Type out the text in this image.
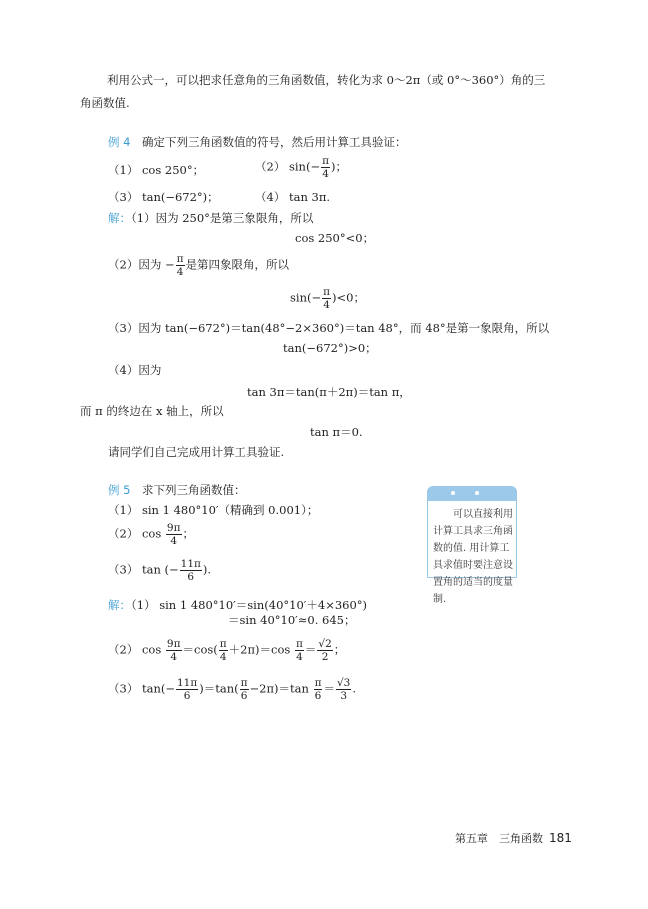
利用公式一，可以把求任意角的三角函数值，转化为求 0～2π（或 0°～360°）角的三
角函数值.
例 4　 确定下列三角函数值的符号，然后用计算工具验证：
（1） cos 250°；	（2） $\sin(- \frac{\pi}{4}$ )；
（3） tan(−672°)；	（4） tan 3π.
解：（1）因为 250°是第三象限角，所以
cos 250°<0；
（2）因为 − $\frac{\pi}{4}$ 是第四象限角，所以
$\sin(- \frac{\pi}{4} )<0$；
（3）因为 tan(−672°)＝tan(48°−2×360°)＝tan 48°，而 48°是第一象限角，所以
tan(−672°)>0；
（4）因为
tan 3π＝tan(π＋2π)＝tan π，
而 π 的终边在 x 轴上，所以
tan π＝0.
请同学们自己完成用计算工具验证.
例 5　 求下列三角函数值：
（1） sin 1 480°10′（精确到 0.001）；
（2） $\cos \frac{9\pi}{4}$ ；
（3） tan (− $\frac{11\pi}{6}$ ).
解：（1） sin 1 480°10′＝sin(40°10′＋4×360°)
＝sin 40°10′≈0. 645；
（2） $\cos \frac{9\pi}{4} =\cos( \frac{\pi}{4} +2\pi)=\cos \frac{\pi}{4} = \frac{√2}{2}$ ；
（3） $\tan(- \frac{11\pi}{6} )=\tan( \frac{\pi}{6} -2\pi)=\tan \frac{\pi}{6} = \frac{√3}{3}$ .
　　可以直接利用计算工具求三角函数的值. 用计算工具求值时要注意设置角的适当的度量制.
第五章　三角函数 181
